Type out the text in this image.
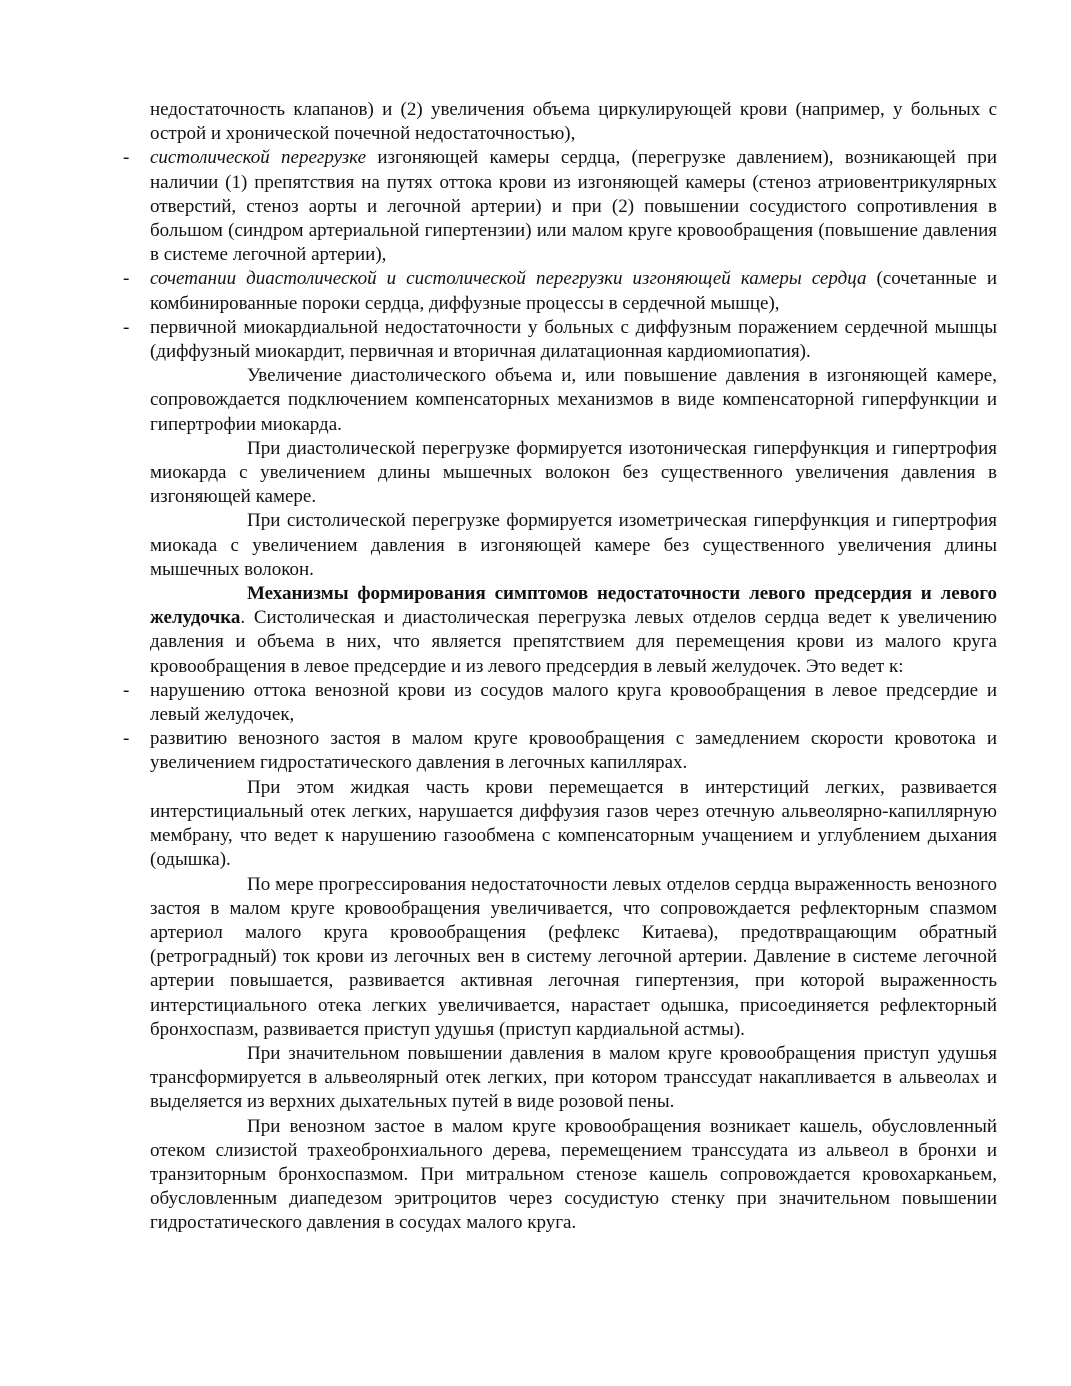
недостаточность клапанов) и (2) увеличения объема циркулирующей крови (например, у больных с острой и хронической почечной недостаточностью),

- систолической перегрузке изгоняющей камеры сердца, (перегрузке давлением), возникающей при наличии (1) препятствия на путях оттока крови из изгоняющей камеры (стеноз атриовентрикулярных отверстий, стеноз аорты и легочной артерии) и при (2) повышении сосудистого сопротивления в большом (синдром артериальной гипертензии) или малом круге кровообращения (повышение давления в системе легочной артерии),

- сочетании диастолической и систолической перегрузки изгоняющей камеры сердца (сочетанные и комбинированные пороки сердца, диффузные процессы в сердечной мышце),

- первичной миокардиальной недостаточности у больных с диффузным поражением сердечной мышцы (диффузный миокардит, первичная и вторичная дилатационная кардиомиопатия).

Увеличение диастолического объема и, или повышение давления в изгоняющей камере, сопровождается подключением компенсаторных механизмов в виде компенсаторной гиперфункции и гипертрофии миокарда.

При диастолической перегрузке формируется изотоническая гиперфункция и гипертрофия миокарда с увеличением длины мышечных волокон без существенного увеличения давления в изгоняющей камере.

При систолической перегрузке формируется изометрическая гиперфункция и гипертрофия миокада с увеличением давления в изгоняющей камере без существенного увеличения длины мышечных волокон.

Механизмы формирования симптомов недостаточности левого предсердия и левого желудочка. Систолическая и диастолическая перегрузка левых отделов сердца ведет к увеличению давления и объема в них, что является препятствием для перемещения крови из малого круга кровообращения в левое предсердие и из левого предсердия в левый желудочек. Это ведет к:

- нарушению оттока венозной крови из сосудов малого круга кровообращения в левое предсердие и левый желудочек,

- развитию венозного застоя в малом круге кровообращения с замедлением скорости кровотока и увеличением гидростатического давления в легочных капиллярах.

При этом жидкая часть крови перемещается в интерстиций легких, развивается интерстициальный отек легких, нарушается диффузия газов через отечную альвеолярно-капиллярную мембрану, что ведет к нарушению газообмена с компенсаторным учащением и углублением дыхания (одышка).

По мере прогрессирования недостаточности левых отделов сердца выраженность венозного застоя в малом круге кровообращения увеличивается, что сопровождается рефлекторным спазмом артериол малого круга кровообращения (рефлекс Китаева), предотвращающим обратный (ретроградный) ток крови из легочных вен в систему легочной артерии. Давление в системе легочной артерии повышается, развивается активная легочная гипертензия, при которой выраженность интерстициального отека легких увеличивается, нарастает одышка, присоединяется рефлекторный бронхоспазм, развивается приступ удушья (приступ кардиальной астмы).

При значительном повышении давления в малом круге кровообращения приступ удушья трансформируется в альвеолярный отек легких, при котором транссудат накапливается в альвеолах и выделяется из верхних дыхательных путей в виде розовой пены.

При венозном застое в малом круге кровообращения возникает кашель, обусловленный отеком слизистой трахеобронхиального дерева, перемещением транссудата из альвеол в бронхи и транзиторным бронхоспазмом. При митральном стенозе кашель сопровождается кровохарканьем, обусловленным диапедезом эритроцитов через сосудистую стенку при значительном повышении гидростатического давления в сосудах малого круга.
